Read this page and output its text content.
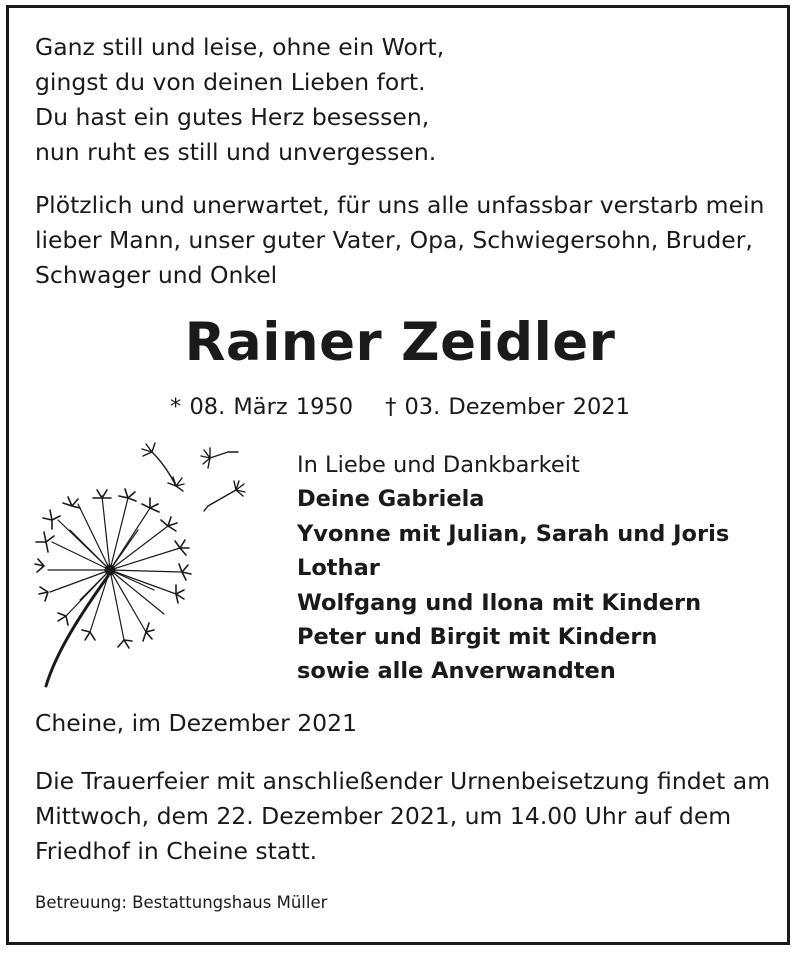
Ganz still und leise, ohne ein Wort,
gingst du von deinen Lieben fort.
Du hast ein gutes Herz besessen,
nun ruht es still und unvergessen.
Plötzlich und unerwartet, für uns alle unfassbar verstarb mein
lieber Mann, unser guter Vater, Opa, Schwiegersohn, Bruder,
Schwager und Onkel
Rainer Zeidler
* 08. März 1950 † 03. Dezember 2021
In Liebe und Dankbarkeit
Deine Gabriela
Yvonne mit Julian, Sarah und Joris
Lothar
Wolfgang und Ilona mit Kindern
Peter und Birgit mit Kindern
sowie alle Anverwandten
Cheine, im Dezember 2021
Die Trauerfeier mit anschließender Urnenbeisetzung findet am
Mittwoch, dem 22. Dezember 2021, um 14.00 Uhr auf dem
Friedhof in Cheine statt.
Betreuung: Bestattungshaus Müller
